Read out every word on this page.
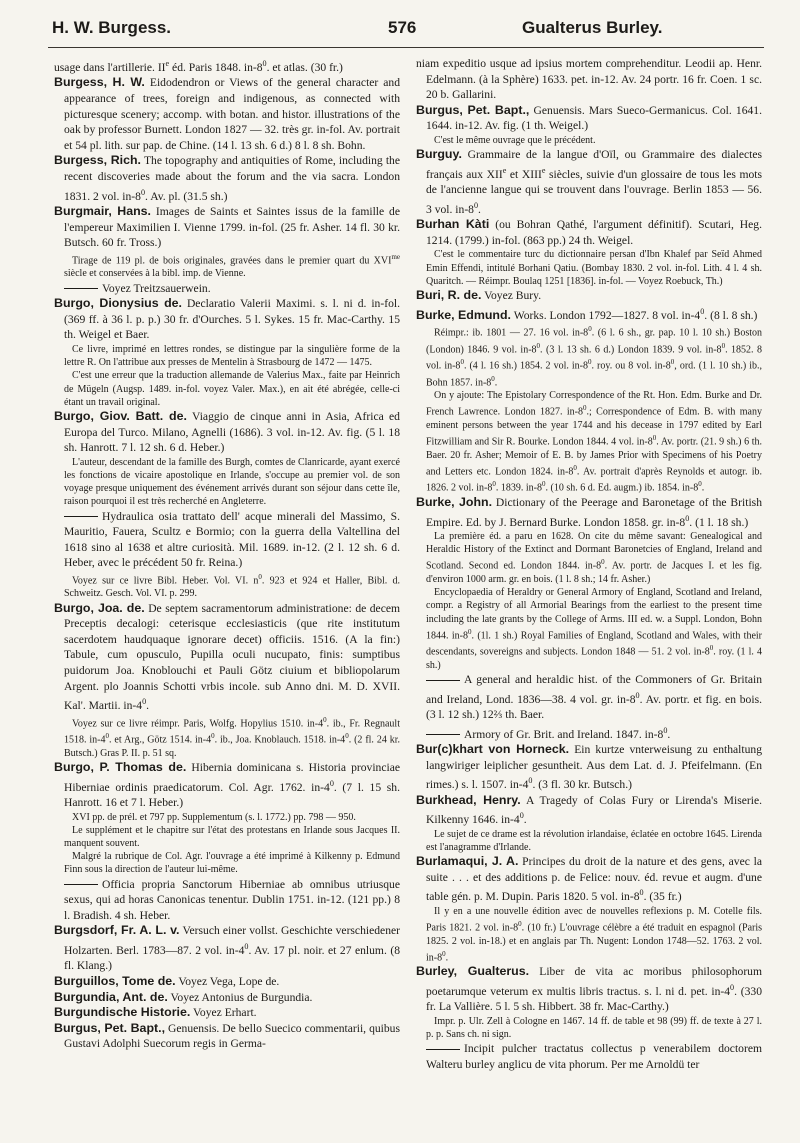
H. W. Burgess.	576	Gualterus Burley.

usage dans l'artillerie. IIe éd. Paris 1848. $in-8^0$. et atlas. (30 fr.)

Burgess, H. W. Eidodendron or Views of the general character and appearance of trees, foreign and indigenous, as connected with picturesque scenery; accomp. with botan. and histor. illustrations of the oak by professor Burnett. London 1827 — 32. très gr. in-fol. Av. portrait et 54 pl. lith. sur pap. de Chine. (14 l. 13 sh. 6 d.) 8 l. 8 sh. Bohn.

Burgess, Rich. The topography and antiquities of Rome, including the recent discoveries made about the forum and the via sacra. London 1831. 2 vol. $in-8^0$. Av. pl. (31.5 sh.)

Burgmair, Hans. Images de Saints et Saintes issus de la famille de l'empereur Maximilien I. Vienne 1799. in-fol. (25 fr. Asher. 14 fl. 30 kr. Butsch. 60 fr. Tross.)

Tirage de 119 pl. de bois originales, gravées dans le premier quart du $XVI^{me}$ siècle et conservées à la bibl. imp. de Vienne.

Voyez Treitzsauerwein.

Burgo, Dionysius de. Declaratio Valerii Maximi. s. l. ni d. in-fol. (369 ff. à 36 l. p. p.) 30 fr. d'Ourches. 5 l. Sykes. 15 fr. Mac-Carthy. 15 th. Weigel et Baer.

Ce livre, imprimé en lettres rondes, se distingue par la singulière forme de la lettre R. On l'attribue aux presses de Mentelin à Strasbourg de 1472 — 1475.

C'est une erreur que la traduction allemande de Valerius Max., faite par Heinrich de Mügeln (Augsp. 1489. in-fol. voyez Valer. Max.), en ait été abrégée, celle-ci étant un travail original.

Burgo, Giov. Batt. de. Viaggio de cinque anni in Asia, Africa ed Europa del Turco. Milano, Agnelli (1686). 3 vol. in-12. Av. fig. (5 l. 18 sh. Hanrott. 7 l. 12 sh. 6 d. Heber.)

L'auteur, descendant de la famille des Burgh, comtes de Clanricarde, ayant exercé les fonctions de vicaire apostolique en Irlande, s'occupe au premier vol. de son voyage presque uniquement des événement arrivés durant son séjour dans cette île, raison pourquoi il est très recherché en Angleterre.

Hydraulica osia trattato dell' acque minerali del Massimo, S. Mauritio, Fauera, Scultz e Bormio; con la guerra della Valtellina del 1618 sino al 1638 et altre curiosità. Mil. 1689. in-12. (2 l. 12 sh. 6 d. Heber, avec le précédent 50 fr. Reina.)

Voyez sur ce livre Bibl. Heber. Vol. VI. $n^0$. 923 et 924 et Haller, Bibl. d. Schweitz. Gesch. Vol. VI. p. 299.

Burgo, Joa. de. De septem sacramentorum administratione: de decem Preceptis decalogi: ceterisque ecclesiasticis (que rite institutum sacerdotem haudquaque ignorare decet) officiis. 1516. (A la fin:) Tabule, cum opusculo, Pupilla oculi nucupato, finis: sumptibus puidorum Joa. Knoblouchi et Pauli Götz ciuium et bibliopolarum Argent. plo Joannis Schotti vrbis incole. sub Anno dni. M. D. XVII. Kal'. Martii. $in-4^0$.

Voyez sur ce livre réimpr. Paris, Wolfg. Hopylius 1510. $in-4^0$. ib., Fr. Regnault 1518. $in-4^0$. et Arg., Götz 1514. $in-4^0$. ib., Joa. Knoblauch. 1518. $in-4^0$. (2 fl. 24 kr. Butsch.) Gras P. II. p. 51 sq.

Burgo, P. Thomas de. Hibernia dominicana s. Historia provinciae Hiberniae ordinis praedicatorum. Col. Agr. 1762. $in-4^0$. (7 l. 15 sh. Hanrott. 16 et 7 l. Heber.)

XVI pp. de prél. et 797 pp. Supplementum (s. l. 1772.) pp. 798 — 950.

Le supplément et le chapitre sur l'état des protestans en Irlande sous Jacques II. manquent souvent.

Malgré la rubrique de Col. Agr. l'ouvrage a été imprimé à Kilkenny p. Edmund Finn sous la direction de l'auteur lui-même.

Officia propria Sanctorum Hiberniae ab omnibus utriusque sexus, qui ad horas Canonicas tenentur. Dublin 1751. in-12. (121 pp.) 8 l. Bradish. 4 sh. Heber.

Burgsdorf, Fr. A. L. v. Versuch einer vollst. Geschichte verschiedener Holzarten. Berl. 1783—87. 2 vol. $in-4^0$. Av. 17 pl. noir. et 27 enlum. (8 fl. Klang.)

Burguillos, Tome de. Voyez Vega, Lope de.

Burgundia, Ant. de. Voyez Antonius de Burgundia.

Burgundische Historie. Voyez Erhart.

Burgus, Pet. Bapt., Genuensis. De bello Suecico commentarii, quibus Gustavi Adolphi Suecorum regis in Germa-

niam expeditio usque ad ipsius mortem comprehenditur. Leodii ap. Henr. Edelmann. (à la Sphère) 1633. pet. in-12. Av. 24 portr. 16 fr. Coen. 1 sc. 20 b. Gallarini.

Burgus, Pet. Bapt., Genuensis. Mars Sueco-Germanicus. Col. 1641. 1644. in-12. Av. fig. (1 th. Weigel.)

C'est le même ouvrage que le précédent.

Burguy. Grammaire de la langue d'Oïl, ou Grammaire des dialectes français aux XIIe et XIIIe siècles, suivie d'un glossaire de tous les mots de l'ancienne langue qui se trouvent dans l'ouvrage. Berlin 1853 — 56. 3 vol. $in-8^0$.

Burhan Kàti (ou Bohran Qathé, l'argument définitif). Scutari, Heg. 1214. (1799.) in-fol. (863 pp.) 24 th. Weigel.

C'est le commentaire turc du dictionnaire persan d'Ibn Khalef par Seïd Ahmed Emin Effendi, intitulé Borhani Qatiu. (Bombay 1830. 2 vol. in-fol. Lith. 4 l. 4 sh. Quaritch. — Réimpr. Boulaq 1251 [1836]. in-fol. — Voyez Roebuck, Th.)

Buri, R. de. Voyez Bury.

Burke, Edmund. Works. London 1792—1827. 8 vol. $in-4^0$. (8 l. 8 sh.)

Réimpr.: ib. 1801 — 27. 16 vol. $in-8^0$. (6 l. 6 sh., gr. pap. 10 l. 10 sh.) Boston (London) 1846. 9 vol. $in-8^0$. (3 l. 13 sh. 6 d.) London 1839. 9 vol. $in-8^0$. 1852. 8 vol. $in-8^0$. (4 l. 16 sh.) 1854. 2 vol. $in-8^0$. roy. ou 8 vol. $in-8^0$, ord. (1 l. 10 sh.) ib., Bohn 1857. $in-8^0$.

On y ajoute: The Epistolary Correspondence of the Rt. Hon. Edm. Burke and Dr. French Lawrence. London 1827. $in-8^0$.; Correspondence of Edm. B. with many eminent persons between the year 1744 and his decease in 1797 edited by Earl Fitzwilliam and Sir R. Bourke. London 1844. 4 vol. $in-8^0$. Av. portr. (21. 9 sh.) 6 th. Baer. 20 fr. Asher; Memoir of E. B. by James Prior with Specimens of his Poetry and Letters etc. London 1824. $in-8^0$. Av. portrait d'après Reynolds et autogr. ib. 1826. 2 vol. $in-8^0$. 1839. $in-8^0$. (10 sh. 6 d. Ed. augm.) ib. 1854. $in-8^0$.

Burke, John. Dictionary of the Peerage and Baronetage of the British Empire. Ed. by J. Bernard Burke. London 1858. gr. $in-8^0$. (1 l. 18 sh.)

La première éd. a paru en 1628. On cite du même savant: Genealogical and Heraldic History of the Extinct and Dormant Baronetcies of England, Ireland and Scotland. Second ed. London 1844. $in-8^0$. Av. portr. de Jacques I. et les fig. d'environ 1000 arm. gr. en bois. (1 l. 8 sh.; 14 fr. Asher.)

Encyclopaedia of Heraldry or General Armory of England, Scotland and Ireland, compr. a Registry of all Armorial Bearings from the earliest to the present time including the late grants by the College of Arms. III ed. w. a Suppl. London, Bohn 1844. $in-8^0$. (1l. 1 sh.) Royal Families of England, Scotland and Wales, with their descendants, sovereigns and subjects. London 1848 — 51. 2 vol. $in-8^0$. roy. (1 l. 4 sh.)

A general and heraldic hist. of the Commoners of Gr. Britain and Ireland, Lond. 1836—38. 4 vol. gr. $in-8^0$. Av. portr. et fig. en bois. (3 l. 12 sh.) 12⅔ th. Baer.

Armory of Gr. Brit. and Ireland. 1847. $in-8^0$.

Bur(c)khart von Horneck. Ein kurtze vnterweisung zu enthaltung langwiriger leiplicher gesuntheit. Aus dem Lat. d. J. Pfeifelmann. (En rimes.) s. l. 1507. $in-4^0$. (3 fl. 30 kr. Butsch.)

Burkhead, Henry. A Tragedy of Colas Fury or Lirenda's Miserie. Kilkenny 1646. $in-4^0$.

Le sujet de ce drame est la révolution irlandaise, éclatée en octobre 1645. Lirenda est l'anagramme d'Irlande.

Burlamaqui, J. A. Principes du droit de la nature et des gens, avec la suite . . . et des additions p. de Felice: nouv. éd. revue et augm. d'une table gén. p. M. Dupin. Paris 1820. 5 vol. $in-8^0$. (35 fr.)

Il y en a une nouvelle édition avec de nouvelles reflexions p. M. Cotelle fils. Paris 1821. 2 vol. $in-8^0$. (10 fr.) L'ouvrage célèbre a été traduit en espagnol (Paris 1825. 2 vol. in-18.) et en anglais par Th. Nugent: London 1748—52. 1763. 2 vol. $in-8^0$.

Burley, Gualterus. Liber de vita ac moribus philosophorum poetarumque veterum ex multis libris tractus. s. l. ni d. pet. $in-4^0$. (330 fr. La Vallière. 5 l. 5 sh. Hibbert. 38 fr. Mac-Carthy.)

Impr. p. Ulr. Zell à Cologne en 1467. 14 ff. de table et 98 (99) ff. de texte à 27 l. p. p. Sans ch. ni sign.

Incipit pulcher tractatus collectus p venerabilem doctorem Walteru burley anglicu de vita phorum. Per me Arnoldü ter
